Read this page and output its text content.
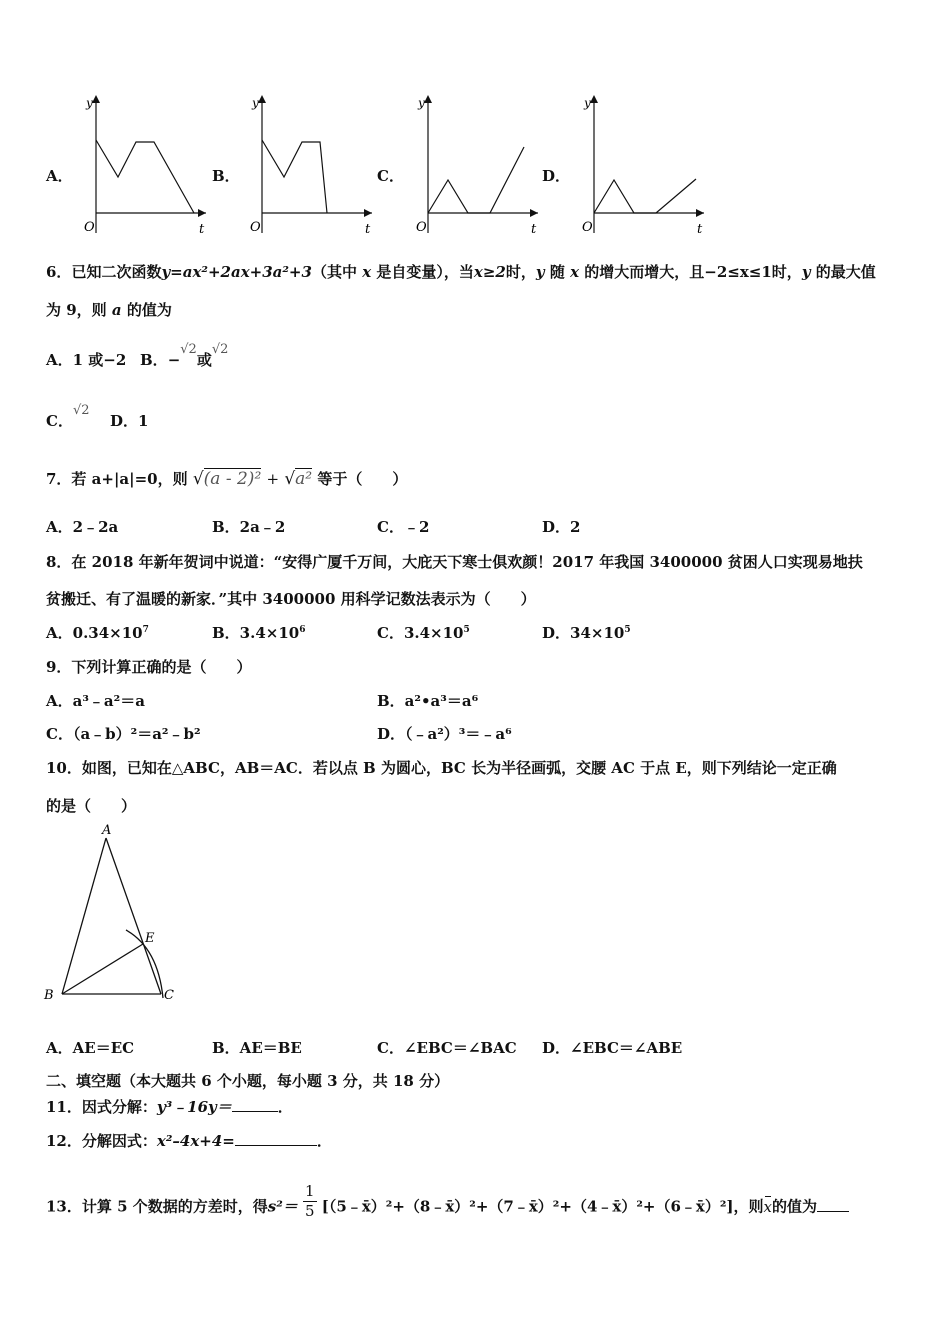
A．
y
O	t
B．
y
O	t
C．
y
O	t
D．
y
O	t
6．已知二次函数y=ax²+2ax+3a²+3（其中 x 是自变量），当x≥2时，y 随 x 的增大而增大，且−2≤x≤1时，y 的最大值
为 9，则 a 的值为
A．1 或−2 B．−√2或√2
C．√2
D．1
7．若 a+|a|=0，则 √(a - 2)² + √a² 等于（　　）
A．2﹣2a	B．2a﹣2	C．﹣2	D．2
8．在 2018 年新年贺词中说道：“安得广厦千万间，大庇天下寒士俱欢颜！2017 年我国 3400000 贫困人口实现易地扶
贫搬迁、有了温暖的新家．”其中 3400000 用科学记数法表示为（　　）
A．$0.34\times 10^7$	B．$3.4\times 10^6$	C．$3.4\times 10^5$	D．$34\times 10^5$
9．下列计算正确的是（　　）
A．a³﹣a²＝a	B．a²•a³＝a⁶
C．（a﹣b）²＝a²﹣b²	D．（﹣a²）³＝﹣a⁶
10．如图，已知在△ABC，AB＝AC．若以点 B 为圆心，BC 长为半径画弧，交腰 AC 于点 E，则下列结论一定正确
的是（　　）
A
B	C
E
A．AE＝EC	B．AE＝BE	C．∠EBC＝∠BAC D．∠EBC＝∠ABE
二、填空题（本大题共 6 个小题，每小题 3 分，共 18 分）
11．因式分解：y³﹣16y＝	．
12．分解因式：x²–4x+4=	．
13．计算 5 个数据的方差时，得$s^2= \frac{1}{5}$ [（5﹣x̄）²+（8﹣x̄）²+（7﹣x̄）²+（4﹣x̄）²+（6﹣x̄）²]，则x的值为
